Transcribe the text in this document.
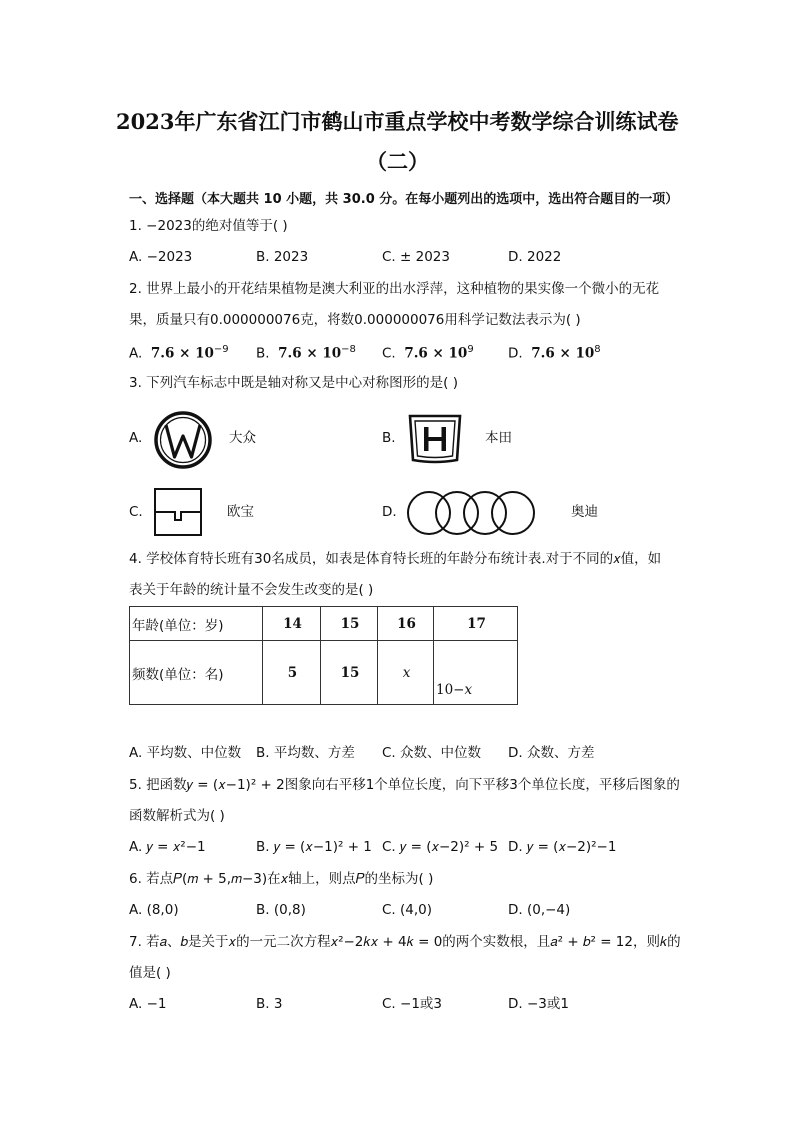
2023年广东省江门市鹤山市重点学校中考数学综合训练试卷
（二）
一、选择题（本大题共 10 小题，共 30.0 分。在每小题列出的选项中，选出符合题目的一项）
1. −2023的绝对值等于( )
A. −2023	B. 2023	C. ± 2023	D. 2022
2. 世界上最小的开花结果植物是澳大利亚的出水浮萍，这种植物的果实像一个微小的无花
果，质量只有0.000000076克，将数0.000000076用科学记数法表示为( )
A. $7.6 \times 10^{-9}$ B. $7.6 \times 10^{-8}$ C. $7.6 \times 10^9$	D. $7.6 \times 10^8$
3. 下列汽车标志中既是轴对称又是中心对称图形的是( )
A.	大众	B.	本田
C.	欧宝	D.	奥迪
4. 学校体育特长班有30名成员，如表是体育特长班的年龄分布统计表.对于不同的𝑥值，如
表关于年龄的统计量不会发生改变的是( )
年龄(单位：岁)	14	15	16	17
频数(单位：名)	5	15	𝑥	10−𝑥
A. 平均数、中位数 B. 平均数、方差 C. 众数、中位数 D. 众数、方差
5. 把函数𝑦 = (𝑥−1)² + 2图象向右平移1个单位长度，向下平移3个单位长度，平移后图象的
函数解析式为( )
A. 𝑦 = 𝑥²−1	B. 𝑦 = (𝑥−1)² + 1 C. 𝑦 = (𝑥−2)² + 5 D. 𝑦 = (𝑥−2)²−1
6. 若点𝑃(𝑚 + 5,𝑚−3)在𝑥轴上，则点𝑃的坐标为( )
A. (8,0)	B. (0,8)	C. (4,0)	D. (0,−4)
7. 若𝑎、𝑏是关于𝑥的一元二次方程𝑥²−2𝑘𝑥 + 4𝑘 = 0的两个实数根，且𝑎² + 𝑏² = 12，则𝑘的
值是( )
A. −1	B. 3	C. −1或3	D. −3或1
